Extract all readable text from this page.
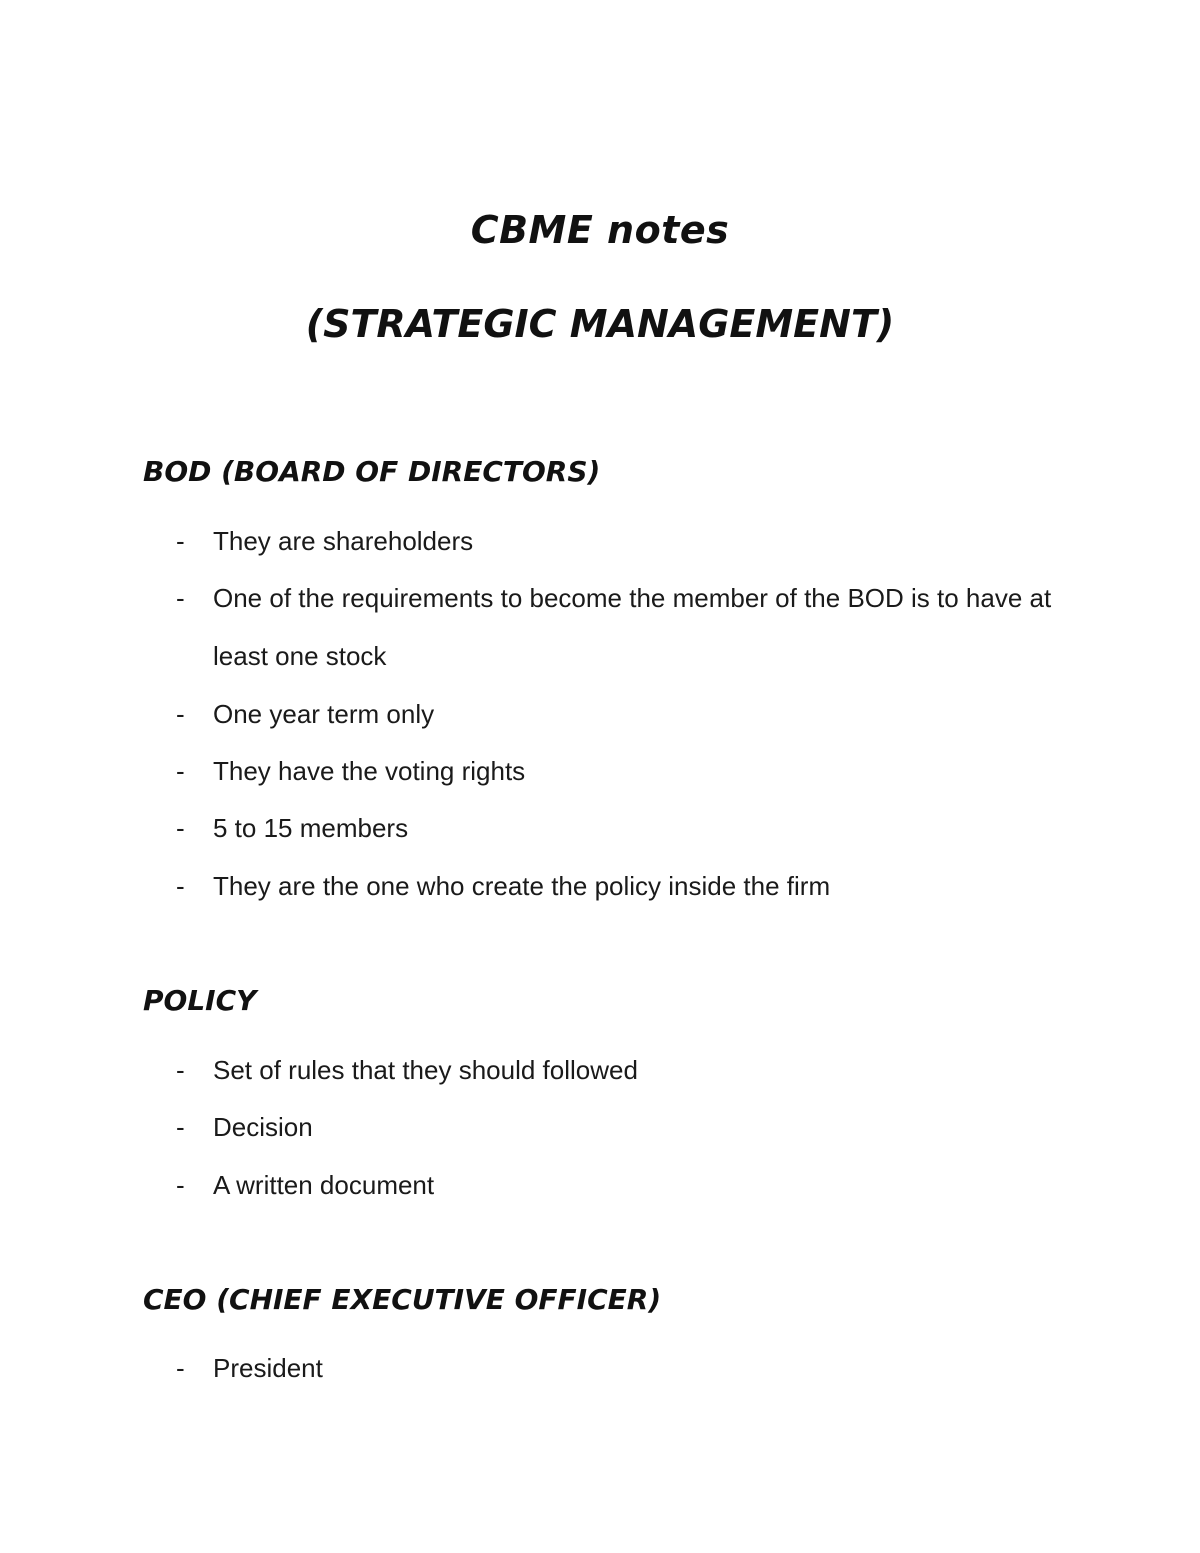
CBME notes
(STRATEGIC MANAGEMENT)
BOD (BOARD OF DIRECTORS)
-	They are shareholders
-	One of the requirements to become the member of the BOD is to have at least one stock
-	One year term only
-	They have the voting rights
-	5 to 15 members
-	They are the one who create the policy inside the firm
POLICY
-	Set of rules that they should followed
-	Decision
-	A written document
CEO (CHIEF EXECUTIVE OFFICER)
-	President
